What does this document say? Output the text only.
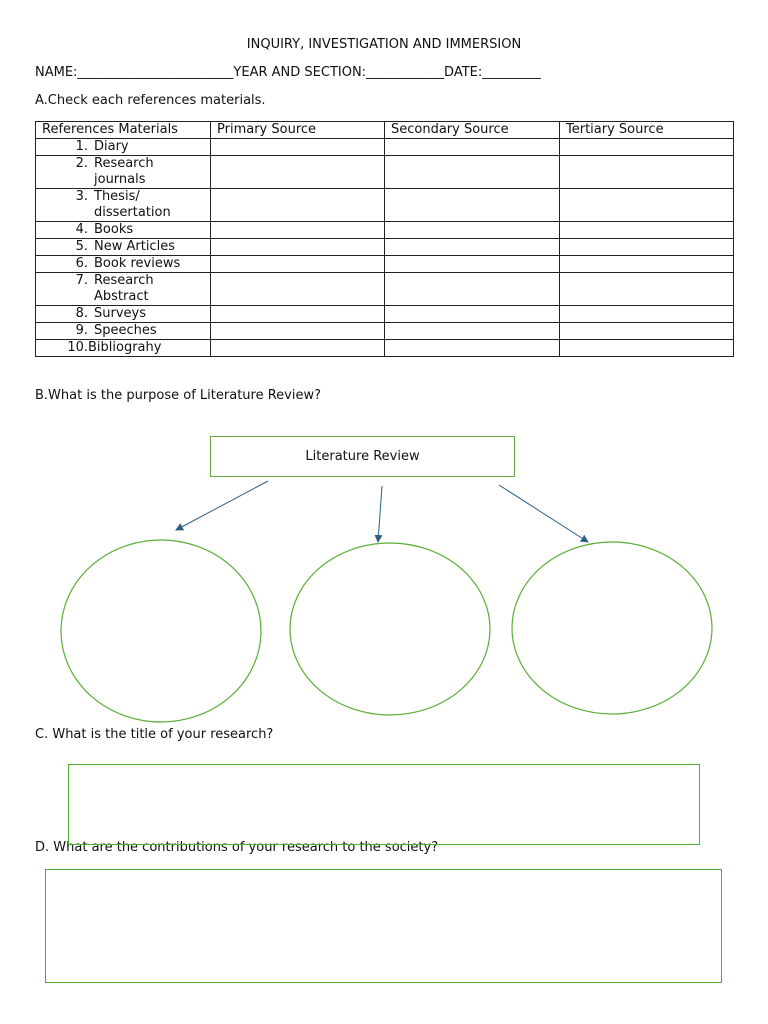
INQUIRY, INVESTIGATION AND IMMERSION
NAME:________________________YEAR AND SECTION:____________DATE:_________
A.Check each references materials.
References Materials	Primary Source	Secondary Source	Tertiary Source

1. Diary			

2. Research journals			

3. Thesis/ dissertation			

4. Books			

5. New Articles			

6. Book reviews			

7. Research Abstract			

8. Surveys			

9. Speeches			

10. Bibliograhy			

B.What is the purpose of Literature Review?
Literature Review
C. What is the title of your research?
D. What are the contributions of your research to the society?
